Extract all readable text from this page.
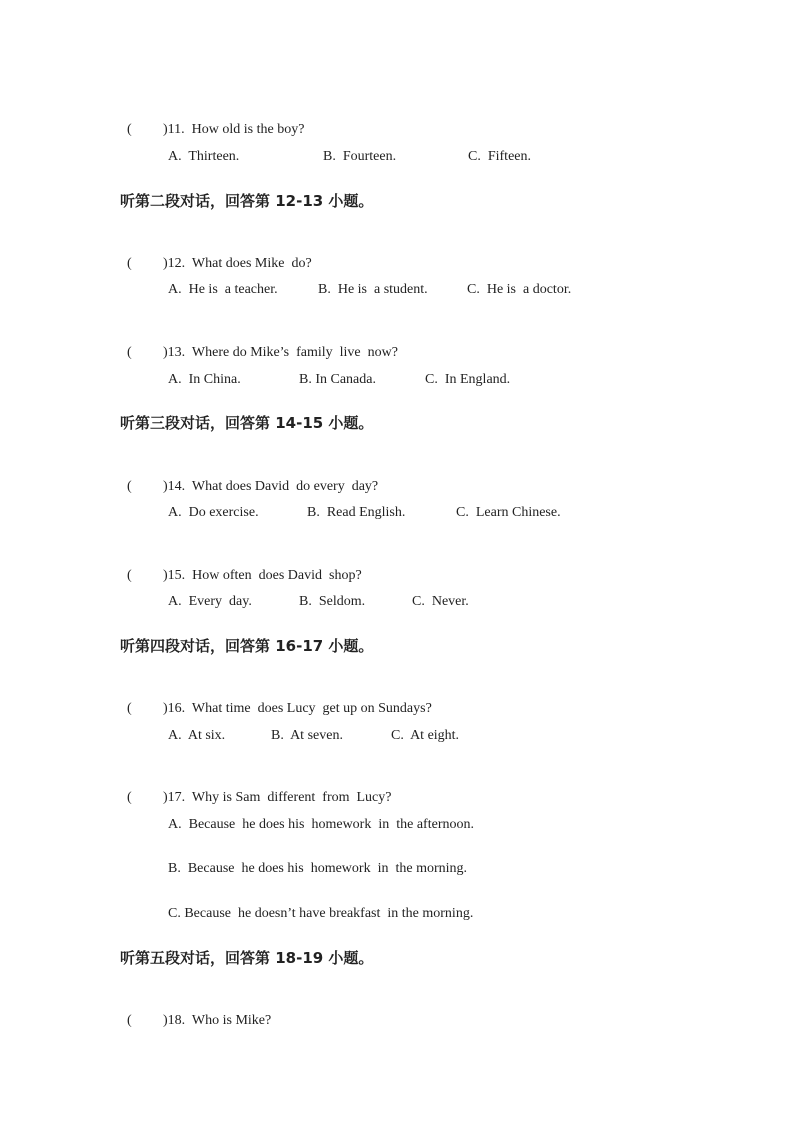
( )11.  How old is the boy?

A.  Thirteen.	B.  Fourteen.	C.  Fifteen.
听第二段对话，回答第 12-13 小题。

( )12.  What does Mike  do?

A.  He is  a teacher.	B.  He is  a student.	C.  He is  a doctor.

( )13.  Where do Mike’s  family  live  now?

A.  In China.	B. In Canada.	C.  In England.
听第三段对话，回答第 14-15 小题。

( )14.  What does David  do every  day?

A.  Do exercise.	B.  Read English.	C.  Learn Chinese.

( )15.  How often  does David  shop?

A.  Every  day.	B.  Seldom.	C.  Never.
听第四段对话，回答第 16-17 小题。

( )16.  What time  does Lucy  get up on Sundays?

A.  At six.	B.  At seven.	C.  At eight.

( )17.  Why is Sam  different  from  Lucy?

A.  Because  he does his  homework  in  the afternoon.
B.  Because  he does his  homework  in  the morning.
C. Because  he doesn’t have breakfast  in the morning.
听第五段对话，回答第 18-19 小题。

( )18.  Who is Mike?
